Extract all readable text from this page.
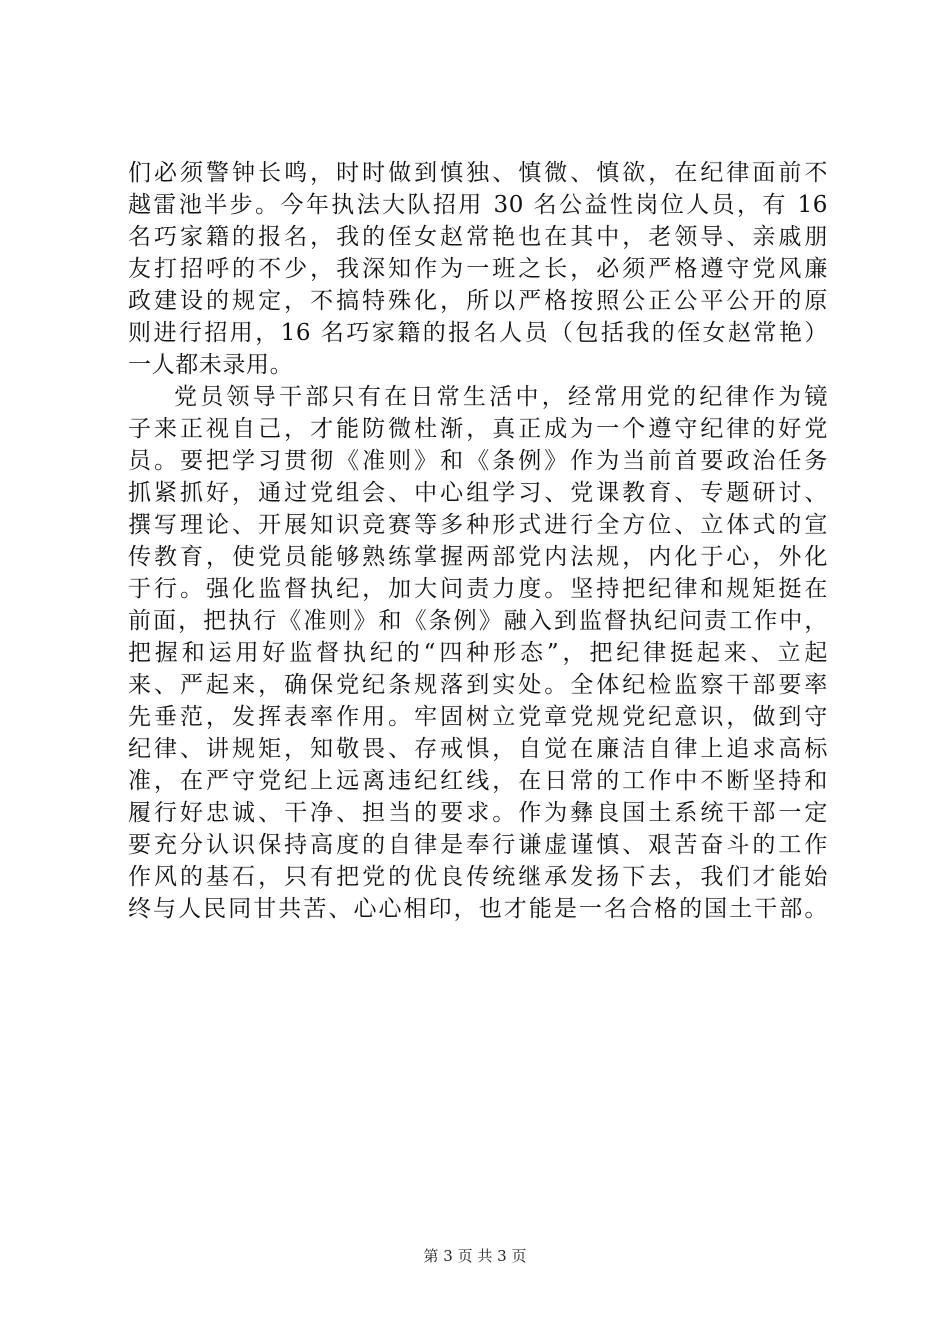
们必须警钟长鸣，时时做到慎独、慎微、慎欲，在纪律面前不
越雷池半步。今年执法大队招用 30 名公益性岗位人员，有 16
名巧家籍的报名，我的侄女赵常艳也在其中，老领导、亲戚朋
友打招呼的不少，我深知作为一班之长，必须严格遵守党风廉
政建设的规定，不搞特殊化，所以严格按照公正公平公开的原
则进行招用，16 名巧家籍的报名人员（包括我的侄女赵常艳）
一人都未录用。
党员领导干部只有在日常生活中，经常用党的纪律作为镜
子来正视自己，才能防微杜渐，真正成为一个遵守纪律的好党
员。要把学习贯彻《准则》和《条例》作为当前首要政治任务
抓紧抓好，通过党组会、中心组学习、党课教育、专题研讨、
撰写理论、开展知识竞赛等多种形式进行全方位、立体式的宣
传教育，使党员能够熟练掌握两部党内法规，内化于心，外化
于行。强化监督执纪，加大问责力度。坚持把纪律和规矩挺在
前面，把执行《准则》和《条例》融入到监督执纪问责工作中，
把握和运用好监督执纪的“四种形态”，把纪律挺起来、立起
来、严起来，确保党纪条规落到实处。全体纪检监察干部要率
先垂范，发挥表率作用。牢固树立党章党规党纪意识，做到守
纪律、讲规矩，知敬畏、存戒惧，自觉在廉洁自律上追求高标
准，在严守党纪上远离违纪红线，在日常的工作中不断坚持和
履行好忠诚、干净、担当的要求。作为彝良国土系统干部一定
要充分认识保持高度的自律是奉行谦虚谨慎、艰苦奋斗的工作
作风的基石，只有把党的优良传统继承发扬下去，我们才能始
终与人民同甘共苦、心心相印，也才能是一名合格的国土干部。
第 3 页 共 3 页
